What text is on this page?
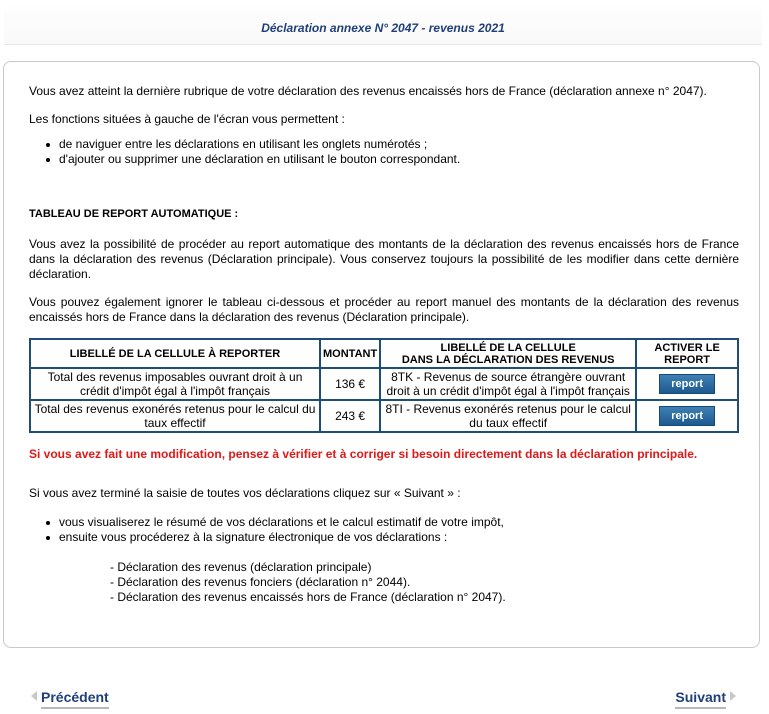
Déclaration annexe N° 2047 - revenus 2021

Vous avez atteint la dernière rubrique de votre déclaration des revenus encaissés hors de France (déclaration annexe n° 2047).

Les fonctions situées à gauche de l'écran vous permettent :

de naviguer entre les déclarations en utilisant les onglets numérotés ;
d'ajouter ou supprimer une déclaration en utilisant le bouton correspondant.

TABLEAU DE REPORT AUTOMATIQUE :

Vous avez la possibilité de procéder au report automatique des montants de la déclaration des revenus encaissés hors de France dans la déclaration des revenus (Déclaration principale). Vous conservez toujours la possibilité de les modifier dans cette dernière déclaration.

Vous pouvez également ignorer le tableau ci-dessous et procéder au report manuel des montants de la déclaration des revenus encaissés hors de France dans la déclaration des revenus (Déclaration principale).

LIBELLÉ DE LA CELLULE À REPORTER	MONTANT	LIBELLÉ DE LA CELLULE
DANS LA DÉCLARATION DES REVENUS	ACTIVER LE REPORT
Total des revenus imposables ouvrant droit à un crédit d'impôt égal à l'impôt français	136 €	8TK - Revenus de source étrangère ouvrant droit à un crédit d'impôt égal à l'impôt français	report
Total des revenus exonérés retenus pour le calcul du taux effectif	243 €	8TI - Revenus exonérés retenus pour le calcul du taux effectif	report

Si vous avez fait une modification, pensez à vérifier et à corriger si besoin directement dans la déclaration principale.

Si vous avez terminé la saisie de toutes vos déclarations cliquez sur « Suivant » :

vous visualiserez le résumé de vos déclarations et le calcul estimatif de votre impôt,
ensuite vous procéderez à la signature électronique de vos déclarations :
- Déclaration des revenus (déclaration principale)
- Déclaration des revenus fonciers (déclaration n° 2044).
- Déclaration des revenus encaissés hors de France (déclaration n° 2047).
Précédent	Suivant
